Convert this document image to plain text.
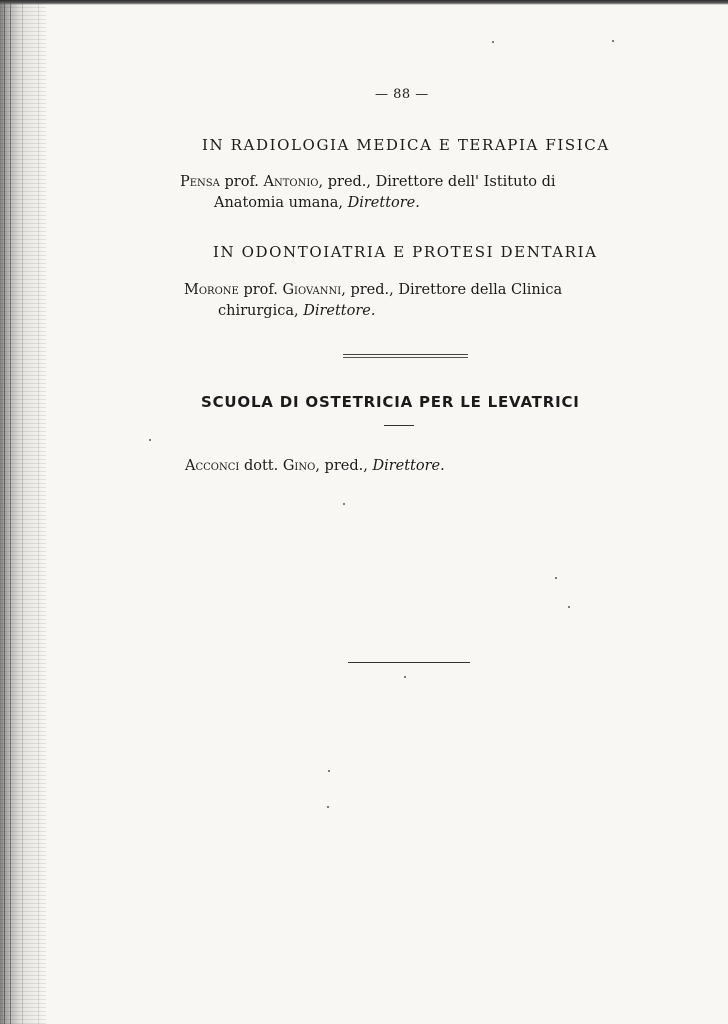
— 88 —
IN RADIOLOGIA MEDICA E TERAPIA FISICA
Pensa prof. Antonio, pred., Direttore dell' Istituto di
Anatomia umana, Direttore.
IN ODONTOIATRIA E PROTESI DENTARIA
Morone prof. Giovanni, pred., Direttore della Clinica
chirurgica, Direttore.
SCUOLA DI OSTETRICIA PER LE LEVATRICI
Acconci dott. Gino, pred., Direttore.
